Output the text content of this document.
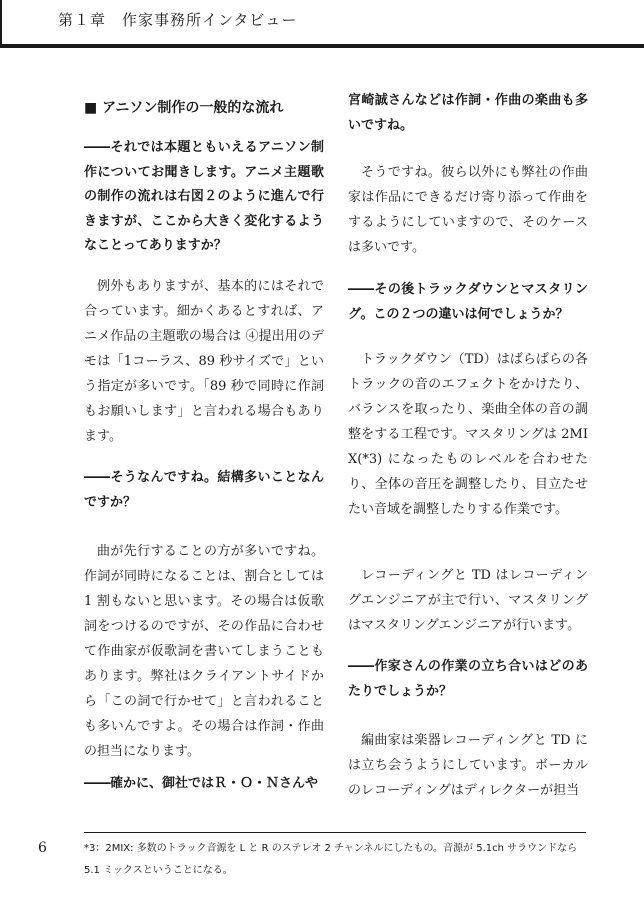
第１章　作家事務所インタビュー
■ アニソン制作の一般的な流れ
――それでは本題ともいえるアニソン制作についてお聞きします。アニメ主題歌の制作の流れは右図２のように進んで行きますが、ここから大きく変化するようなことってありますか？
例外もありますが、基本的にはそれで合っています。細かくあるとすれば、アニメ作品の主題歌の場合は ④提出用のデモは「1コーラス、89 秒サイズで」という指定が多いです。「89 秒で同時に作詞もお願いします」と言われる場合もあります。
――そうなんですね。結構多いことなんですか？
曲が先行することの方が多いですね。作詞が同時になることは、割合としては 1 割もないと思います。その場合は仮歌詞をつけるのですが、その作品に合わせて作曲家が仮歌詞を書いてしまうこともあります。弊社はクライアントサイドから「この詞で行かせて」と言われることも多いんですよ。その場合は作詞・作曲の担当になります。
――確かに、御社ではＲ・Ｏ・Ｎさんや
宮崎誠さんなどは作詞・作曲の楽曲も多いですね。
そうですね。彼ら以外にも弊社の作曲家は作品にできるだけ寄り添って作曲をするようにしていますので、そのケースは多いです。
――その後トラックダウンとマスタリング。この２つの違いは何でしょうか？
トラックダウン（TD）はばらばらの各トラックの音のエフェクトをかけたり、バランスを取ったり、楽曲全体の音の調整をする工程です。マスタリングは 2MIX(*3) になったものレベルを合わせたり、全体の音圧を調整したり、目立たせたい音域を調整したりする作業です。
レコーディングと TD はレコーディングエンジニアが主で行い、マスタリングはマスタリングエンジニアが行います。
――作家さんの作業の立ち合いはどのあたりでしょうか？
編曲家は楽器レコーディングと TD には立ち会うようにしています。ボーカルのレコーディングはディレクターが担当
6	*3：2MIX: 多数のトラック音源を L と R のステレオ 2 チャンネルにしたもの。音源が 5.1ch サラウンドなら 5.1 ミックスということになる。
